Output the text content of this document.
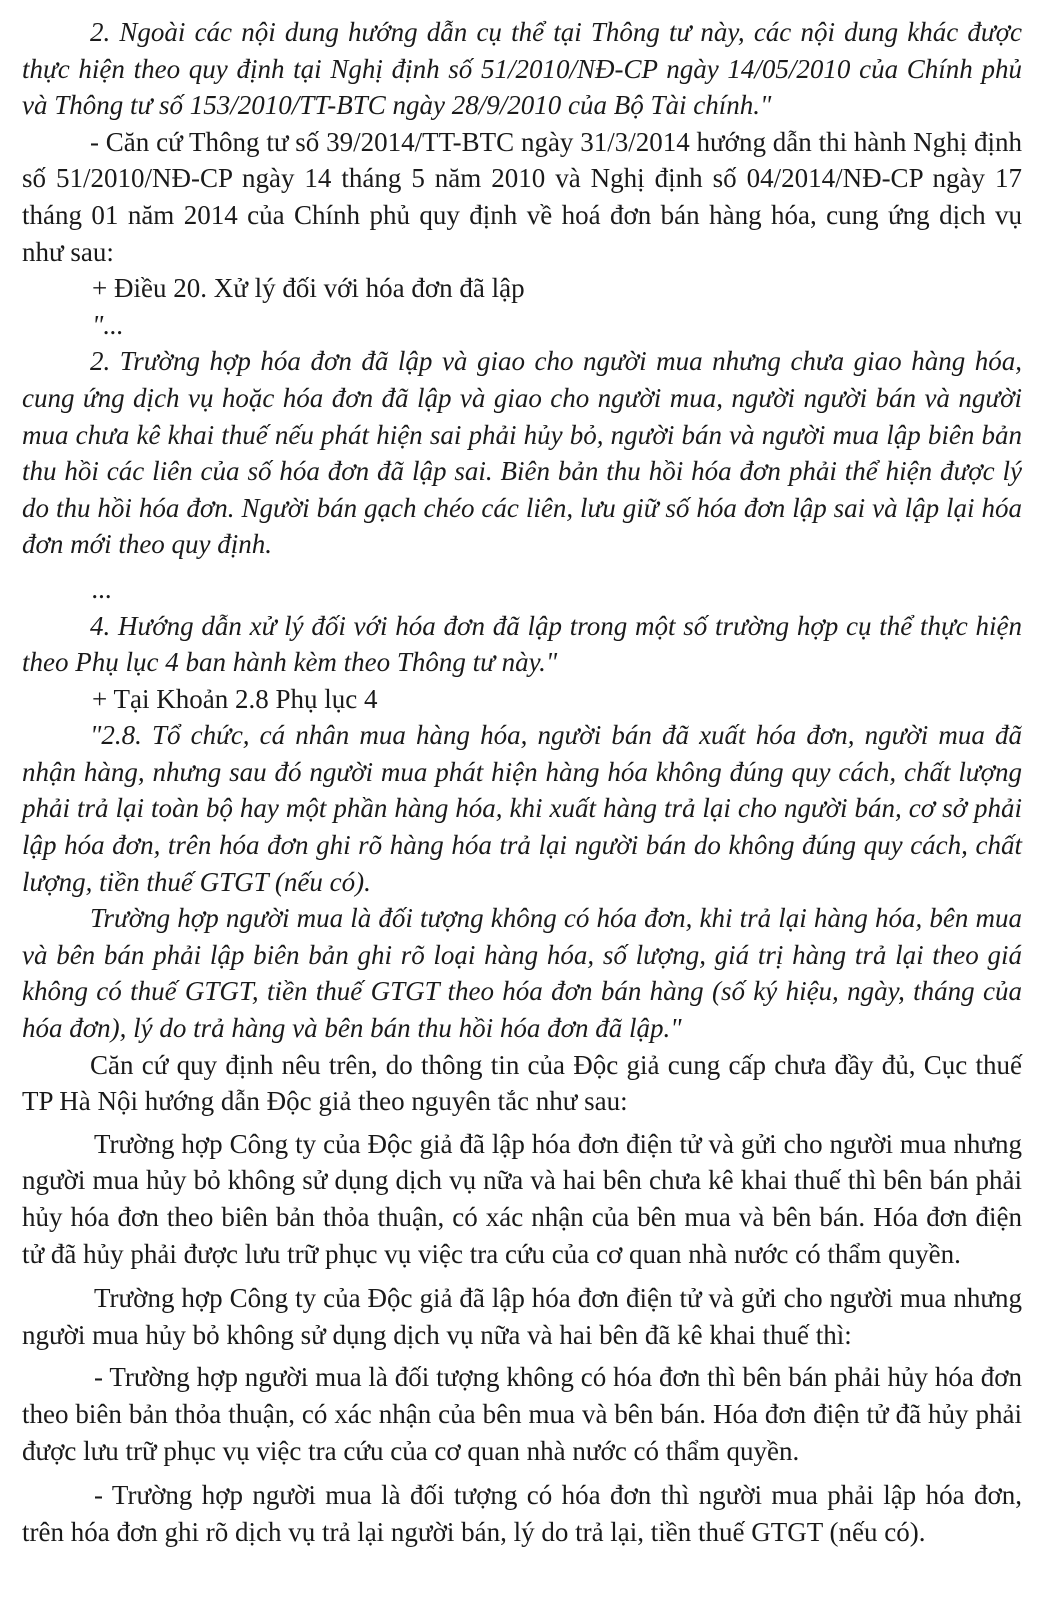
2. Ngoài các nội dung hướng dẫn cụ thể tại Thông tư này, các nội dung khác được thực hiện theo quy định tại Nghị định số 51/2010/NĐ-CP ngày 14/05/2010 của Chính phủ và Thông tư số 153/2010/TT-BTC ngày 28/9/2010 của Bộ Tài chính."

- Căn cứ Thông tư số 39/2014/TT-BTC ngày 31/3/2014 hướng dẫn thi hành Nghị định số 51/2010/NĐ-CP ngày 14 tháng 5 năm 2010 và Nghị định số 04/2014/NĐ-CP ngày 17 tháng 01 năm 2014 của Chính phủ quy định về hoá đơn bán hàng hóa, cung ứng dịch vụ như sau:

+ Điều 20. Xử lý đối với hóa đơn đã lập

"...

2. Trường hợp hóa đơn đã lập và giao cho người mua nhưng chưa giao hàng hóa, cung ứng dịch vụ hoặc hóa đơn đã lập và giao cho người mua, người người bán và người mua chưa kê khai thuế nếu phát hiện sai phải hủy bỏ, người bán và người mua lập biên bản thu hồi các liên của số hóa đơn đã lập sai. Biên bản thu hồi hóa đơn phải thể hiện được lý do thu hồi hóa đơn. Người bán gạch chéo các liên, lưu giữ số hóa đơn lập sai và lập lại hóa đơn mới theo quy định.

...

4. Hướng dẫn xử lý đối với hóa đơn đã lập trong một số trường hợp cụ thể thực hiện theo Phụ lục 4 ban hành kèm theo Thông tư này."

+ Tại Khoản 2.8 Phụ lục 4

"2.8. Tổ chức, cá nhân mua hàng hóa, người bán đã xuất hóa đơn, người mua đã nhận hàng, nhưng sau đó người mua phát hiện hàng hóa không đúng quy cách, chất lượng phải trả lại toàn bộ hay một phần hàng hóa, khi xuất hàng trả lại cho người bán, cơ sở phải lập hóa đơn, trên hóa đơn ghi rõ hàng hóa trả lại người bán do không đúng quy cách, chất lượng, tiền thuế GTGT (nếu có).

Trường hợp người mua là đối tượng không có hóa đơn, khi trả lại hàng hóa, bên mua và bên bán phải lập biên bản ghi rõ loại hàng hóa, số lượng, giá trị hàng trả lại theo giá không có thuế GTGT, tiền thuế GTGT theo hóa đơn bán hàng (số ký hiệu, ngày, tháng của hóa đơn), lý do trả hàng và bên bán thu hồi hóa đơn đã lập."

Căn cứ quy định nêu trên, do thông tin của Độc giả cung cấp chưa đầy đủ, Cục thuế TP Hà Nội hướng dẫn Độc giả theo nguyên tắc như sau:

Trường hợp Công ty của Độc giả đã lập hóa đơn điện tử và gửi cho người mua nhưng người mua hủy bỏ không sử dụng dịch vụ nữa và hai bên chưa kê khai thuế thì bên bán phải hủy hóa đơn theo biên bản thỏa thuận, có xác nhận của bên mua và bên bán. Hóa đơn điện tử đã hủy phải được lưu trữ phục vụ việc tra cứu của cơ quan nhà nước có thẩm quyền.

Trường hợp Công ty của Độc giả đã lập hóa đơn điện tử và gửi cho người mua nhưng người mua hủy bỏ không sử dụng dịch vụ nữa và hai bên đã kê khai thuế thì:

- Trường hợp người mua là đối tượng không có hóa đơn thì bên bán phải hủy hóa đơn theo biên bản thỏa thuận, có xác nhận của bên mua và bên bán. Hóa đơn điện tử đã hủy phải được lưu trữ phục vụ việc tra cứu của cơ quan nhà nước có thẩm quyền.

- Trường hợp người mua là đối tượng có hóa đơn thì người mua phải lập hóa đơn, trên hóa đơn ghi rõ dịch vụ trả lại người bán, lý do trả lại, tiền thuế GTGT (nếu có).
